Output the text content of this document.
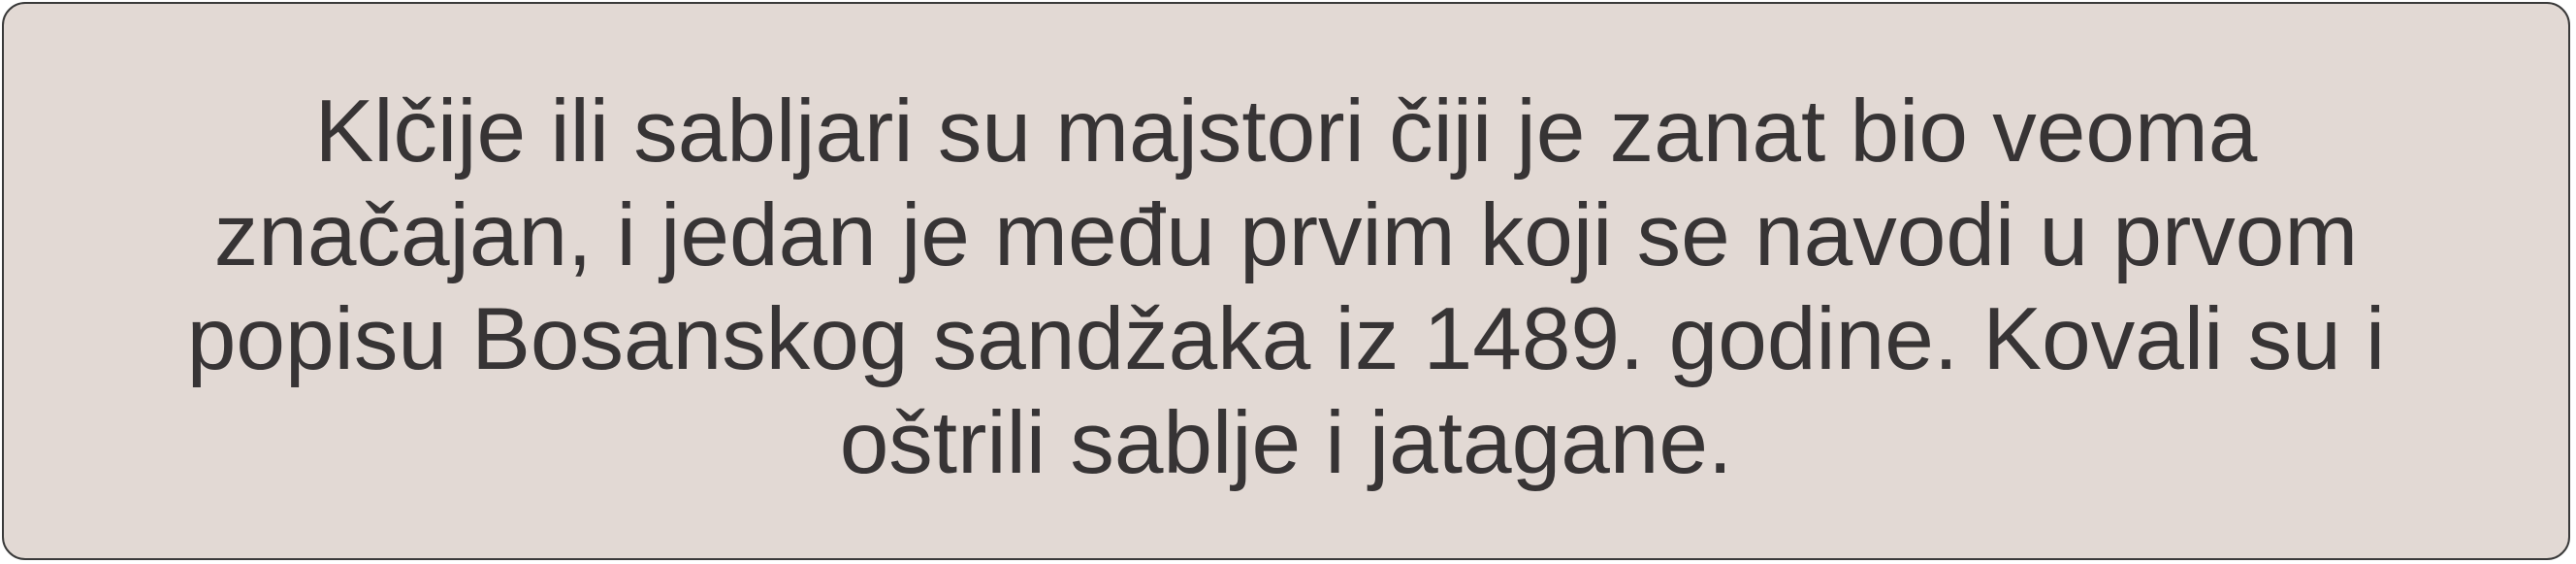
Klčije ili sabljari su majstori čiji je zanat bio veoma
značajan, i jedan je među prvim koji se navodi u prvom
popisu Bosanskog sandžaka iz 1489. godine. Kovali su i
oštrili sablje i jatagane.
